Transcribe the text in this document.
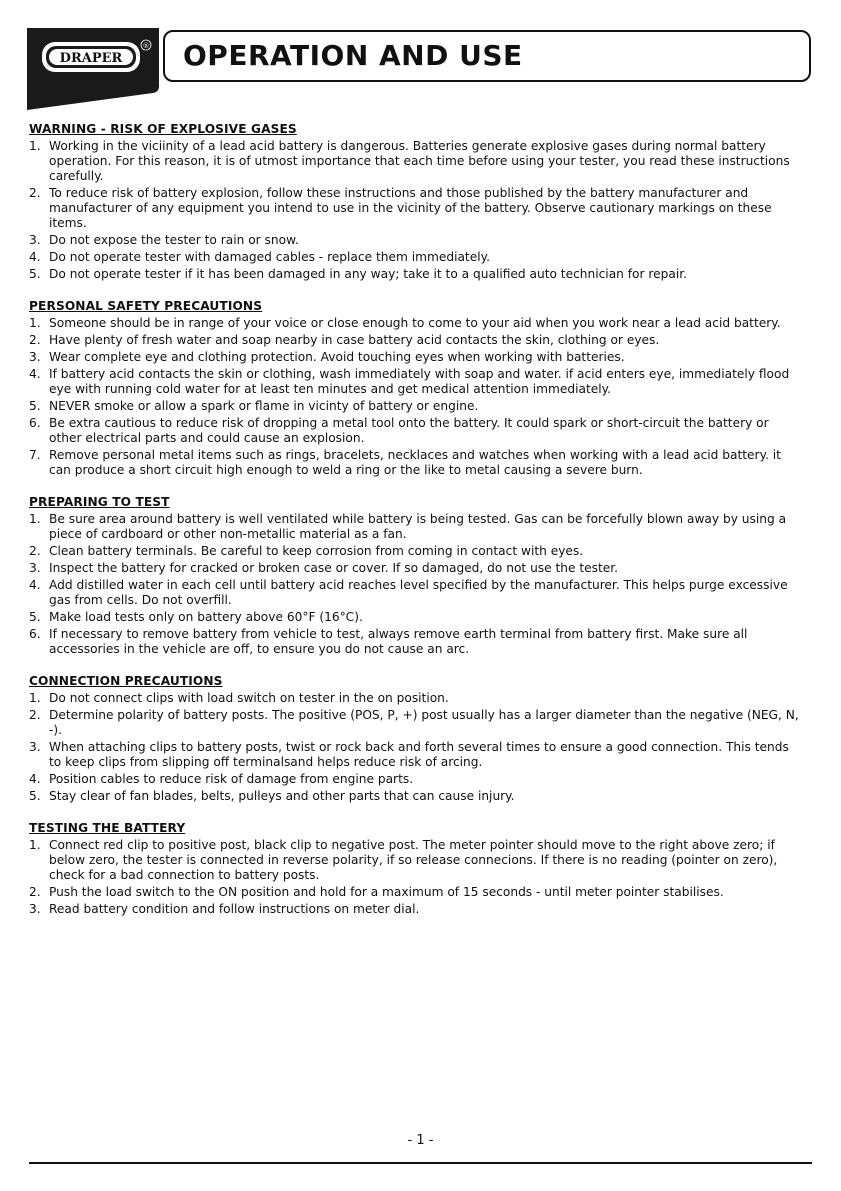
DRAPER
® OPERATION AND USE
WARNING - RISK OF EXPLOSIVE GASES
1. Working in the viciinity of a lead acid battery is dangerous. Batteries generate explosive gases during normal battery operation. For this reason, it is of utmost importance that each time before using your tester, you read these instructions carefully.
2. To reduce risk of battery explosion, follow these instructions and those published by the battery manufacturer and manufacturer of any equipment you intend to use in the vicinity of the battery. Observe cautionary markings on these items.
3. Do not expose the tester to rain or snow.
4. Do not operate tester with damaged cables - replace them immediately.
5. Do not operate tester if it has been damaged in any way; take it to a qualified auto technician for repair.
PERSONAL SAFETY PRECAUTIONS
1. Someone should be in range of your voice or close enough to come to your aid when you work near a lead acid battery.
2. Have plenty of fresh water and soap nearby in case battery acid contacts the skin, clothing or eyes.
3. Wear complete eye and clothing protection. Avoid touching eyes when working with batteries.
4. If battery acid contacts the skin or clothing, wash immediately with soap and water. if acid enters eye, immediately flood eye with running cold water for at least ten minutes and get medical attention immediately.
5. NEVER smoke or allow a spark or flame in vicinty of battery or engine.
6. Be extra cautious to reduce risk of dropping a metal tool onto the battery. It could spark or short-circuit the battery or other electrical parts and could cause an explosion.
7. Remove personal metal items such as rings, bracelets, necklaces and watches when working with a lead acid battery. it can produce a short circuit high enough to weld a ring or the like to metal causing a severe burn.
PREPARING TO TEST
1. Be sure area around battery is well ventilated while battery is being tested. Gas can be forcefully blown away by using a piece of cardboard or other non-metallic material as a fan.
2. Clean battery terminals. Be careful to keep corrosion from coming in contact with eyes.
3. Inspect the battery for cracked or broken case or cover. If so damaged, do not use the tester.
4. Add distilled water in each cell until battery acid reaches level specified by the manufacturer. This helps purge excessive gas from cells. Do not overfill.
5. Make load tests only on battery above 60°F (16°C).
6. If necessary to remove battery from vehicle to test, always remove earth terminal from battery first. Make sure all accessories in the vehicle are off, to ensure you do not cause an arc.
CONNECTION PRECAUTIONS
1. Do not connect clips with load switch on tester in the on position.
2. Determine polarity of battery posts. The positive (POS, P, +) post usually has a larger diameter than the negative (NEG, N, -).
3. When attaching clips to battery posts, twist or rock back and forth several times to ensure a good connection. This tends to keep clips from slipping off terminalsand helps reduce risk of arcing.
4. Position cables to reduce risk of damage from engine parts.
5. Stay clear of fan blades, belts, pulleys and other parts that can cause injury.
TESTING THE BATTERY
1. Connect red clip to positive post, black clip to negative post. The meter pointer should move to the right above zero; if below zero, the tester is connected in reverse polarity, if so release connecions. If there is no reading (pointer on zero), check for a bad connection to battery posts.
2. Push the load switch to the ON position and hold for a maximum of 15 seconds - until meter pointer stabilises.
3. Read battery condition and follow instructions on meter dial.
- 1 -
